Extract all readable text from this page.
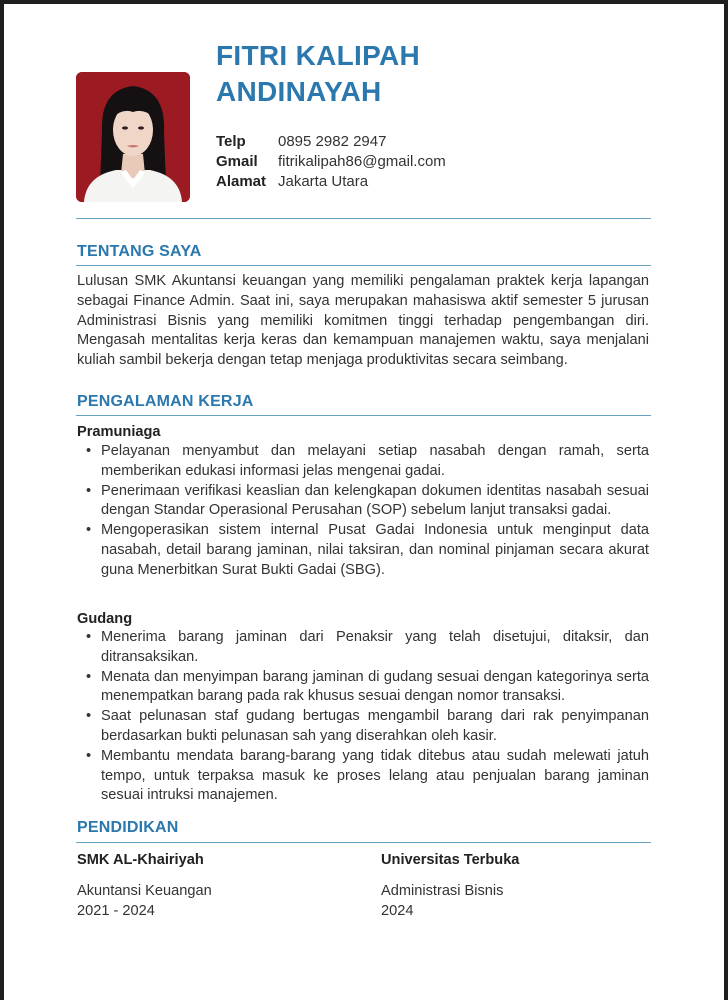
FITRI KALIPAH
ANDINAYAH
Telp	0895 2982 2947
Gmail	fitrikalipah86@gmail.com
Alamat Jakarta Utara
TENTANG SAYA
Lulusan SMK Akuntansi keuangan yang memiliki pengalaman praktek kerja lapangan sebagai Finance Admin. Saat ini, saya merupakan mahasiswa aktif semester 5 jurusan Administrasi Bisnis yang memiliki komitmen tinggi terhadap pengembangan diri. Mengasah mentalitas kerja keras dan kemampuan manajemen waktu, saya menjalani kuliah sambil bekerja dengan tetap menjaga produktivitas secara seimbang.
PENGALAMAN KERJA
Pramuniaga
• Pelayanan menyambut dan melayani setiap nasabah dengan ramah, serta memberikan edukasi informasi jelas mengenai gadai.
• Penerimaan verifikasi keaslian dan kelengkapan dokumen identitas nasabah sesuai dengan Standar Operasional Perusahan (SOP) sebelum lanjut transaksi gadai.
• Mengoperasikan sistem internal Pusat Gadai Indonesia untuk menginput data nasabah, detail barang jaminan, nilai taksiran, dan nominal pinjaman secara akurat guna Menerbitkan Surat Bukti Gadai (SBG).
Gudang
• Menerima barang jaminan dari Penaksir yang telah disetujui, ditaksir, dan ditransaksikan.
• Menata dan menyimpan barang jaminan di gudang sesuai dengan kategorinya serta menempatkan barang pada rak khusus sesuai dengan nomor transaksi.
• Saat pelunasan staf gudang bertugas mengambil barang dari rak penyimpanan berdasarkan bukti pelunasan sah yang diserahkan oleh kasir.
• Membantu mendata barang-barang yang tidak ditebus atau sudah melewati jatuh tempo, untuk terpaksa masuk ke proses lelang atau penjualan barang jaminan sesuai intruksi manajemen.
PENDIDIKAN
SMK AL-Khairiyah
Akuntansi Keuangan
2021 - 2024
Universitas Terbuka
Administrasi Bisnis
2024
